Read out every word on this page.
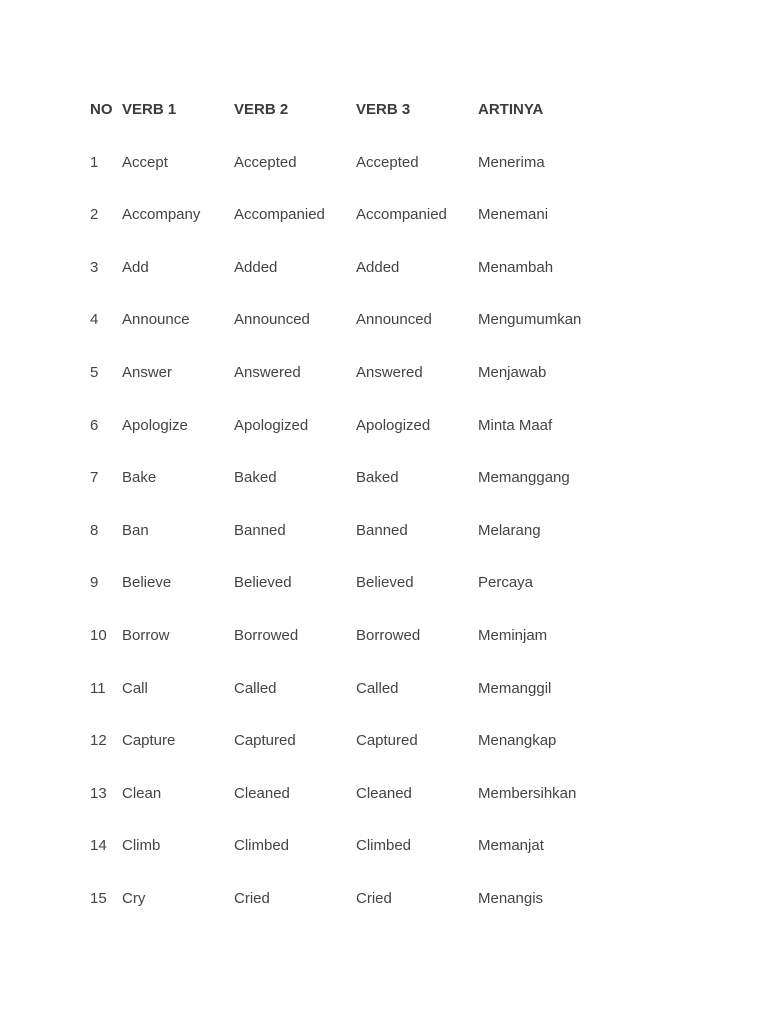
NO	VERB 1	VERB 2	VERB 3	ARTINYA
1	Accept	Accepted	Accepted	Menerima
2	Accompany	Accompanied	Accompanied	Menemani
3	Add	Added	Added	Menambah
4	Announce	Announced	Announced	Mengumumkan
5	Answer	Answered	Answered	Menjawab
6	Apologize	Apologized	Apologized	Minta Maaf
7	Bake	Baked	Baked	Memanggang
8	Ban	Banned	Banned	Melarang
9	Believe	Believed	Believed	Percaya
10	Borrow	Borrowed	Borrowed	Meminjam
11	Call	Called	Called	Memanggil
12	Capture	Captured	Captured	Menangkap
13	Clean	Cleaned	Cleaned	Membersihkan
14	Climb	Climbed	Climbed	Memanjat
15	Cry	Cried	Cried	Menangis
